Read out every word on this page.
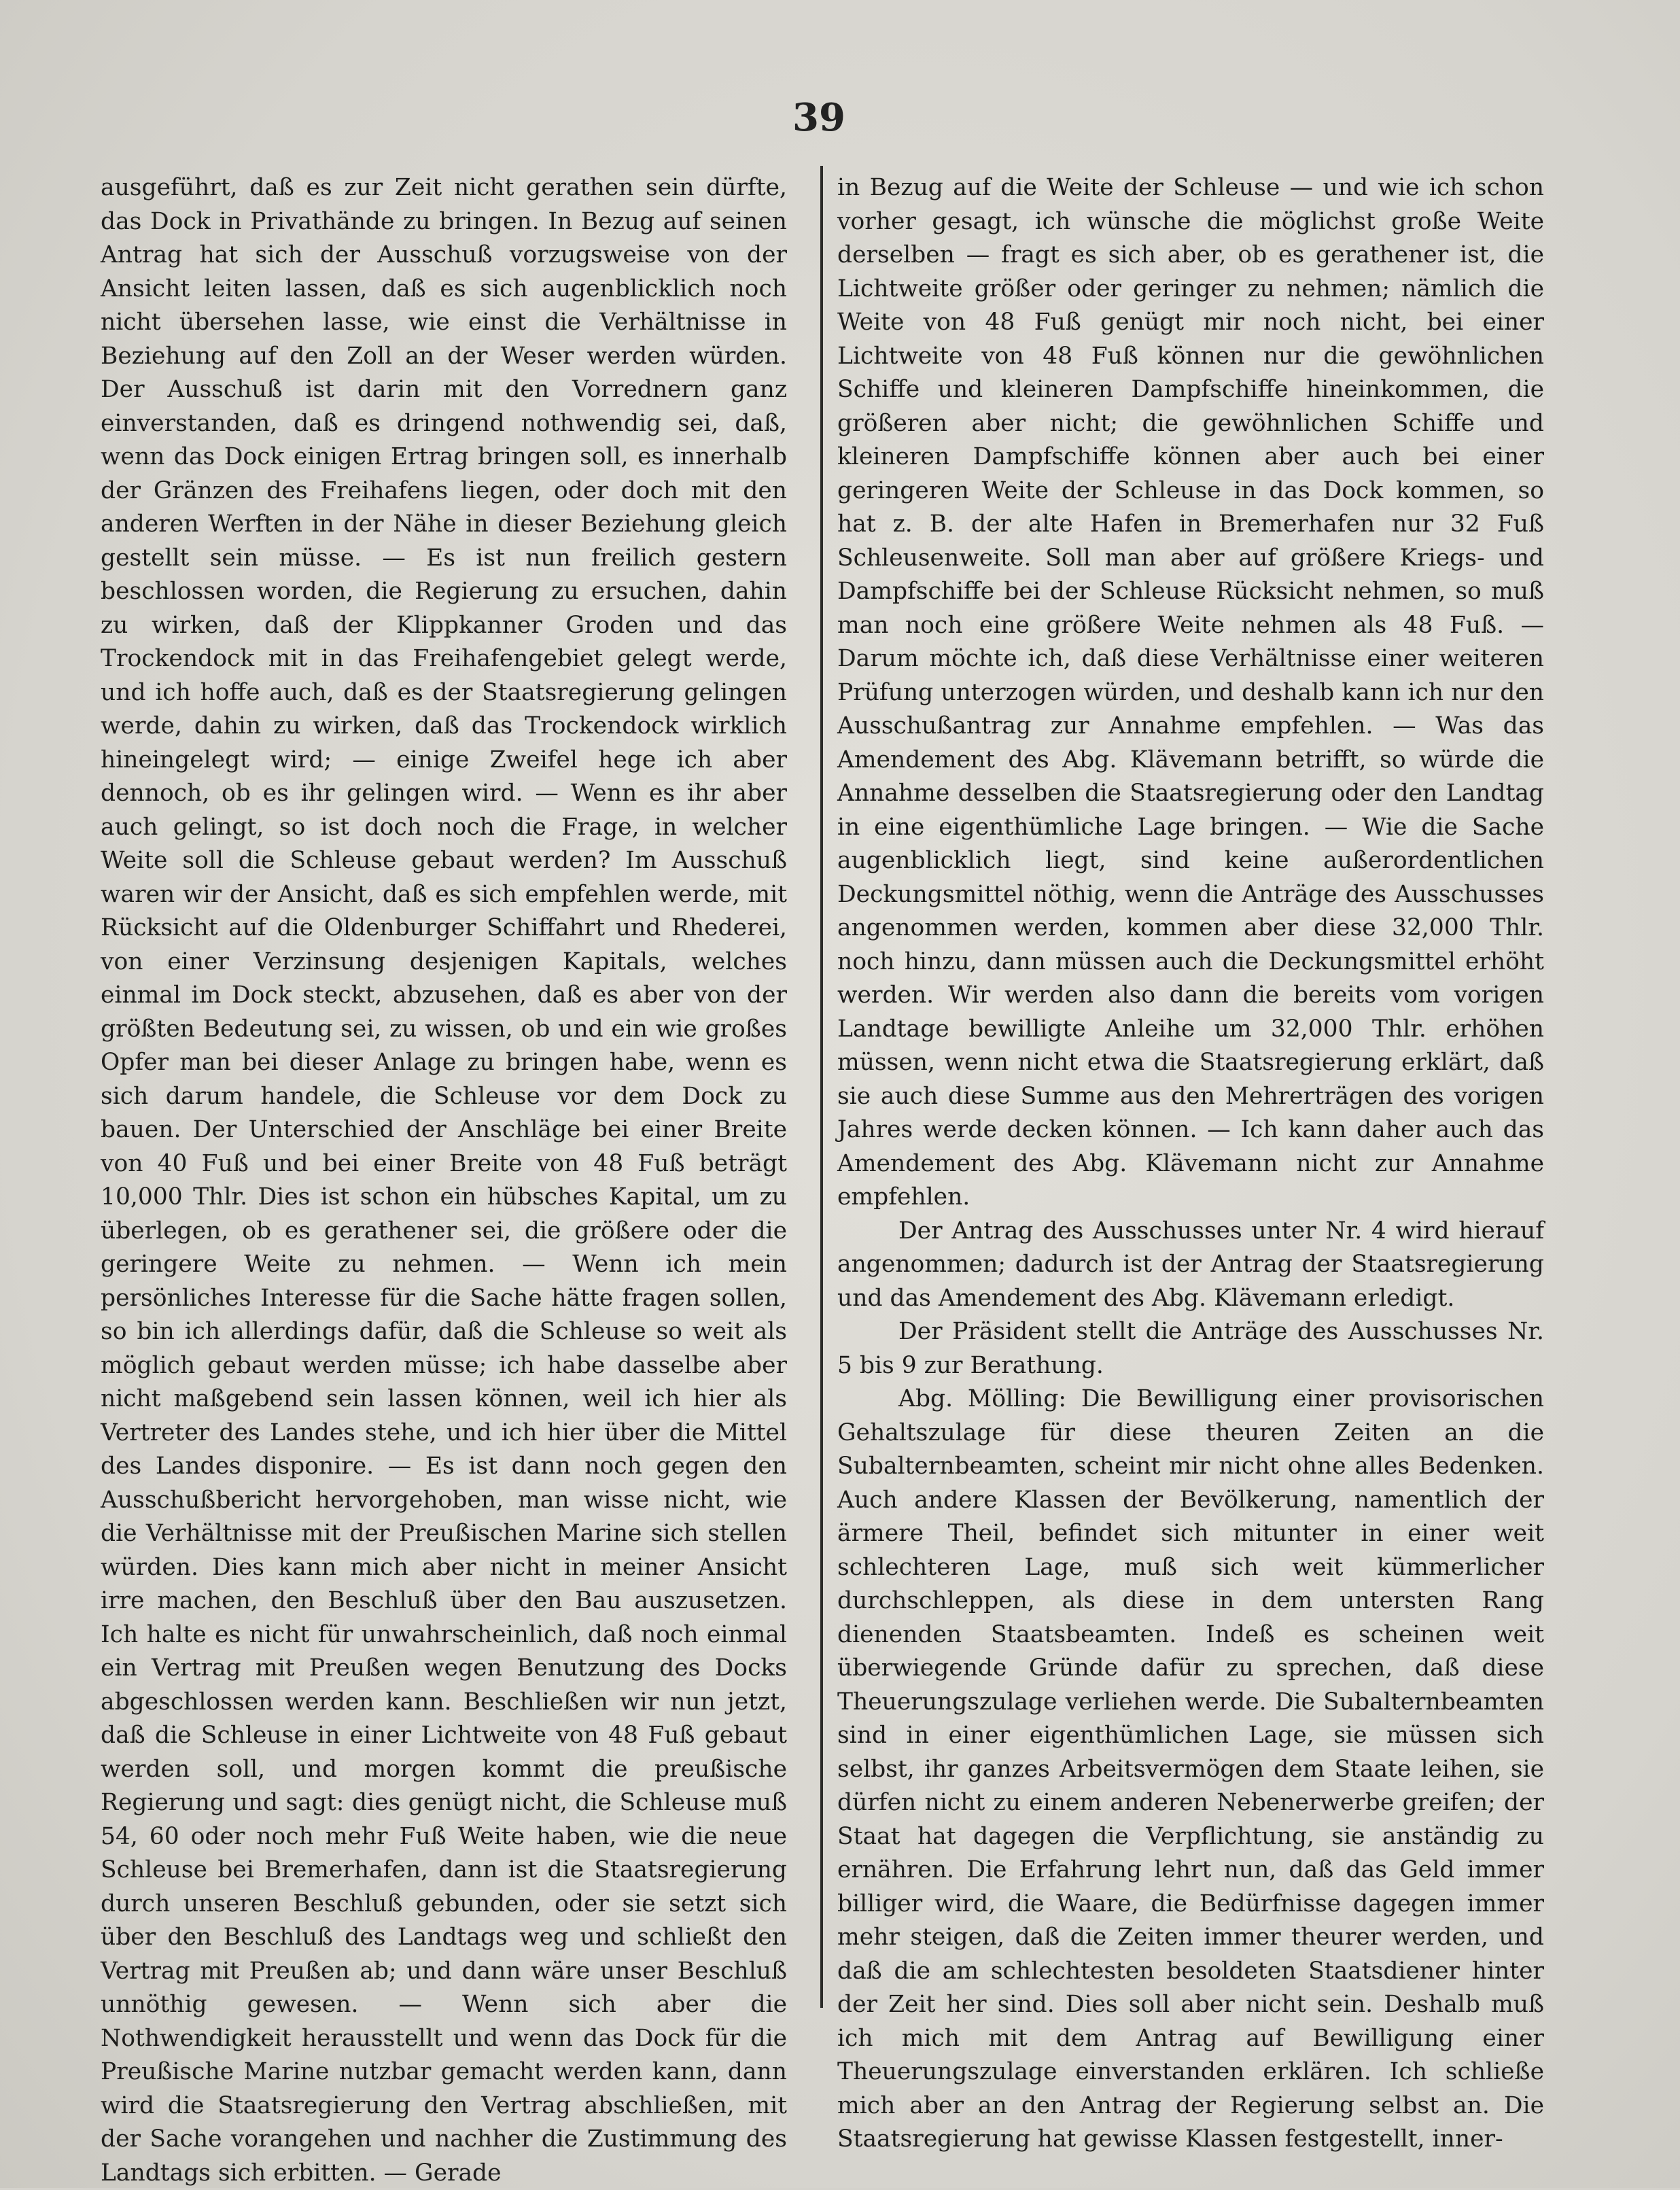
39

ausgeführt, daß es zur Zeit nicht gerathen sein dürfte, das Dock in Privathände zu bringen. In Bezug auf seinen Antrag hat sich der Ausschuß vorzugsweise von der Ansicht leiten lassen, daß es sich augenblicklich noch nicht übersehen lasse, wie einst die Verhältnisse in Beziehung auf den Zoll an der Weser werden würden. Der Ausschuß ist darin mit den Vorrednern ganz einverstanden, daß es dringend nothwendig sei, daß, wenn das Dock einigen Ertrag bringen soll, es innerhalb der Gränzen des Freihafens liegen, oder doch mit den anderen Werften in der Nähe in dieser Beziehung gleich gestellt sein müsse. — Es ist nun freilich gestern beschlossen worden, die Regierung zu ersuchen, dahin zu wirken, daß der Klippkanner Groden und das Trockendock mit in das Freihafengebiet gelegt werde, und ich hoffe auch, daß es der Staatsregierung gelingen werde, dahin zu wirken, daß das Trockendock wirklich hineingelegt wird; — einige Zweifel hege ich aber dennoch, ob es ihr gelingen wird. — Wenn es ihr aber auch gelingt, so ist doch noch die Frage, in welcher Weite soll die Schleuse gebaut werden? Im Ausschuß waren wir der Ansicht, daß es sich empfehlen werde, mit Rücksicht auf die Oldenburger Schiffahrt und Rhederei, von einer Verzinsung desjenigen Kapitals, welches einmal im Dock steckt, abzusehen, daß es aber von der größten Bedeutung sei, zu wissen, ob und ein wie großes Opfer man bei dieser Anlage zu bringen habe, wenn es sich darum handele, die Schleuse vor dem Dock zu bauen. Der Unterschied der Anschläge bei einer Breite von 40 Fuß und bei einer Breite von 48 Fuß beträgt 10,000 Thlr. Dies ist schon ein hübsches Kapital, um zu überlegen, ob es gerathener sei, die größere oder die geringere Weite zu nehmen. — Wenn ich mein persönliches Interesse für die Sache hätte fragen sollen, so bin ich allerdings dafür, daß die Schleuse so weit als möglich gebaut werden müsse; ich habe dasselbe aber nicht maßgebend sein lassen können, weil ich hier als Vertreter des Landes stehe, und ich hier über die Mittel des Landes disponire. — Es ist dann noch gegen den Ausschußbericht hervorgehoben, man wisse nicht, wie die Verhältnisse mit der Preußischen Marine sich stellen würden. Dies kann mich aber nicht in meiner Ansicht irre machen, den Beschluß über den Bau auszusetzen. Ich halte es nicht für unwahrscheinlich, daß noch einmal ein Vertrag mit Preußen wegen Benutzung des Docks abgeschlossen werden kann. Beschließen wir nun jetzt, daß die Schleuse in einer Lichtweite von 48 Fuß gebaut werden soll, und morgen kommt die preußische Regierung und sagt: dies genügt nicht, die Schleuse muß 54, 60 oder noch mehr Fuß Weite haben, wie die neue Schleuse bei Bremerhafen, dann ist die Staatsregierung durch unseren Beschluß gebunden, oder sie setzt sich über den Beschluß des Landtags weg und schließt den Vertrag mit Preußen ab; und dann wäre unser Beschluß unnöthig gewesen. — Wenn sich aber die Nothwendigkeit herausstellt und wenn das Dock für die Preußische Marine nutzbar gemacht werden kann, dann wird die Staatsregierung den Vertrag abschließen, mit der Sache vorangehen und nachher die Zustimmung des Landtags sich erbitten. — Gerade

in Bezug auf die Weite der Schleuse — und wie ich schon vorher gesagt, ich wünsche die möglichst große Weite derselben — fragt es sich aber, ob es gerathener ist, die Lichtweite größer oder geringer zu nehmen; nämlich die Weite von 48 Fuß genügt mir noch nicht, bei einer Lichtweite von 48 Fuß können nur die gewöhnlichen Schiffe und kleineren Dampfschiffe hineinkommen, die größeren aber nicht; die gewöhnlichen Schiffe und kleineren Dampfschiffe können aber auch bei einer geringeren Weite der Schleuse in das Dock kommen, so hat z. B. der alte Hafen in Bremerhafen nur 32 Fuß Schleusenweite. Soll man aber auf größere Kriegs- und Dampfschiffe bei der Schleuse Rücksicht nehmen, so muß man noch eine größere Weite nehmen als 48 Fuß. — Darum möchte ich, daß diese Verhältnisse einer weiteren Prüfung unterzogen würden, und deshalb kann ich nur den Ausschußantrag zur Annahme empfehlen. — Was das Amendement des Abg. Klävemann betrifft, so würde die Annahme desselben die Staatsregierung oder den Landtag in eine eigenthümliche Lage bringen. — Wie die Sache augenblicklich liegt, sind keine außerordentlichen Deckungsmittel nöthig, wenn die Anträge des Ausschusses angenommen werden, kommen aber diese 32,000 Thlr. noch hinzu, dann müssen auch die Deckungsmittel erhöht werden. Wir werden also dann die bereits vom vorigen Landtage bewilligte Anleihe um 32,000 Thlr. erhöhen müssen, wenn nicht etwa die Staatsregierung erklärt, daß sie auch diese Summe aus den Mehrerträgen des vorigen Jahres werde decken können. — Ich kann daher auch das Amendement des Abg. Klävemann nicht zur Annahme empfehlen.

Der Antrag des Ausschusses unter Nr. 4 wird hierauf angenommen; dadurch ist der Antrag der Staatsregierung und das Amendement des Abg. Klävemann erledigt.

Der Präsident stellt die Anträge des Ausschusses Nr. 5 bis 9 zur Berathung.

Abg. Mölling: Die Bewilligung einer provisorischen Gehaltszulage für diese theuren Zeiten an die Subalternbeamten, scheint mir nicht ohne alles Bedenken. Auch andere Klassen der Bevölkerung, namentlich der ärmere Theil, befindet sich mitunter in einer weit schlechteren Lage, muß sich weit kümmerlicher durchschleppen, als diese in dem untersten Rang dienenden Staatsbeamten. Indeß es scheinen weit überwiegende Gründe dafür zu sprechen, daß diese Theuerungszulage verliehen werde. Die Subalternbeamten sind in einer eigenthümlichen Lage, sie müssen sich selbst, ihr ganzes Arbeitsvermögen dem Staate leihen, sie dürfen nicht zu einem anderen Nebenerwerbe greifen; der Staat hat dagegen die Verpflichtung, sie anständig zu ernähren. Die Erfahrung lehrt nun, daß das Geld immer billiger wird, die Waare, die Bedürfnisse dagegen immer mehr steigen, daß die Zeiten immer theurer werden, und daß die am schlechtesten besoldeten Staatsdiener hinter der Zeit her sind. Dies soll aber nicht sein. Deshalb muß ich mich mit dem Antrag auf Bewilligung einer Theuerungszulage einverstanden erklären. Ich schließe mich aber an den Antrag der Regierung selbst an. Die Staatsregierung hat gewisse Klassen festgestellt, inner-
